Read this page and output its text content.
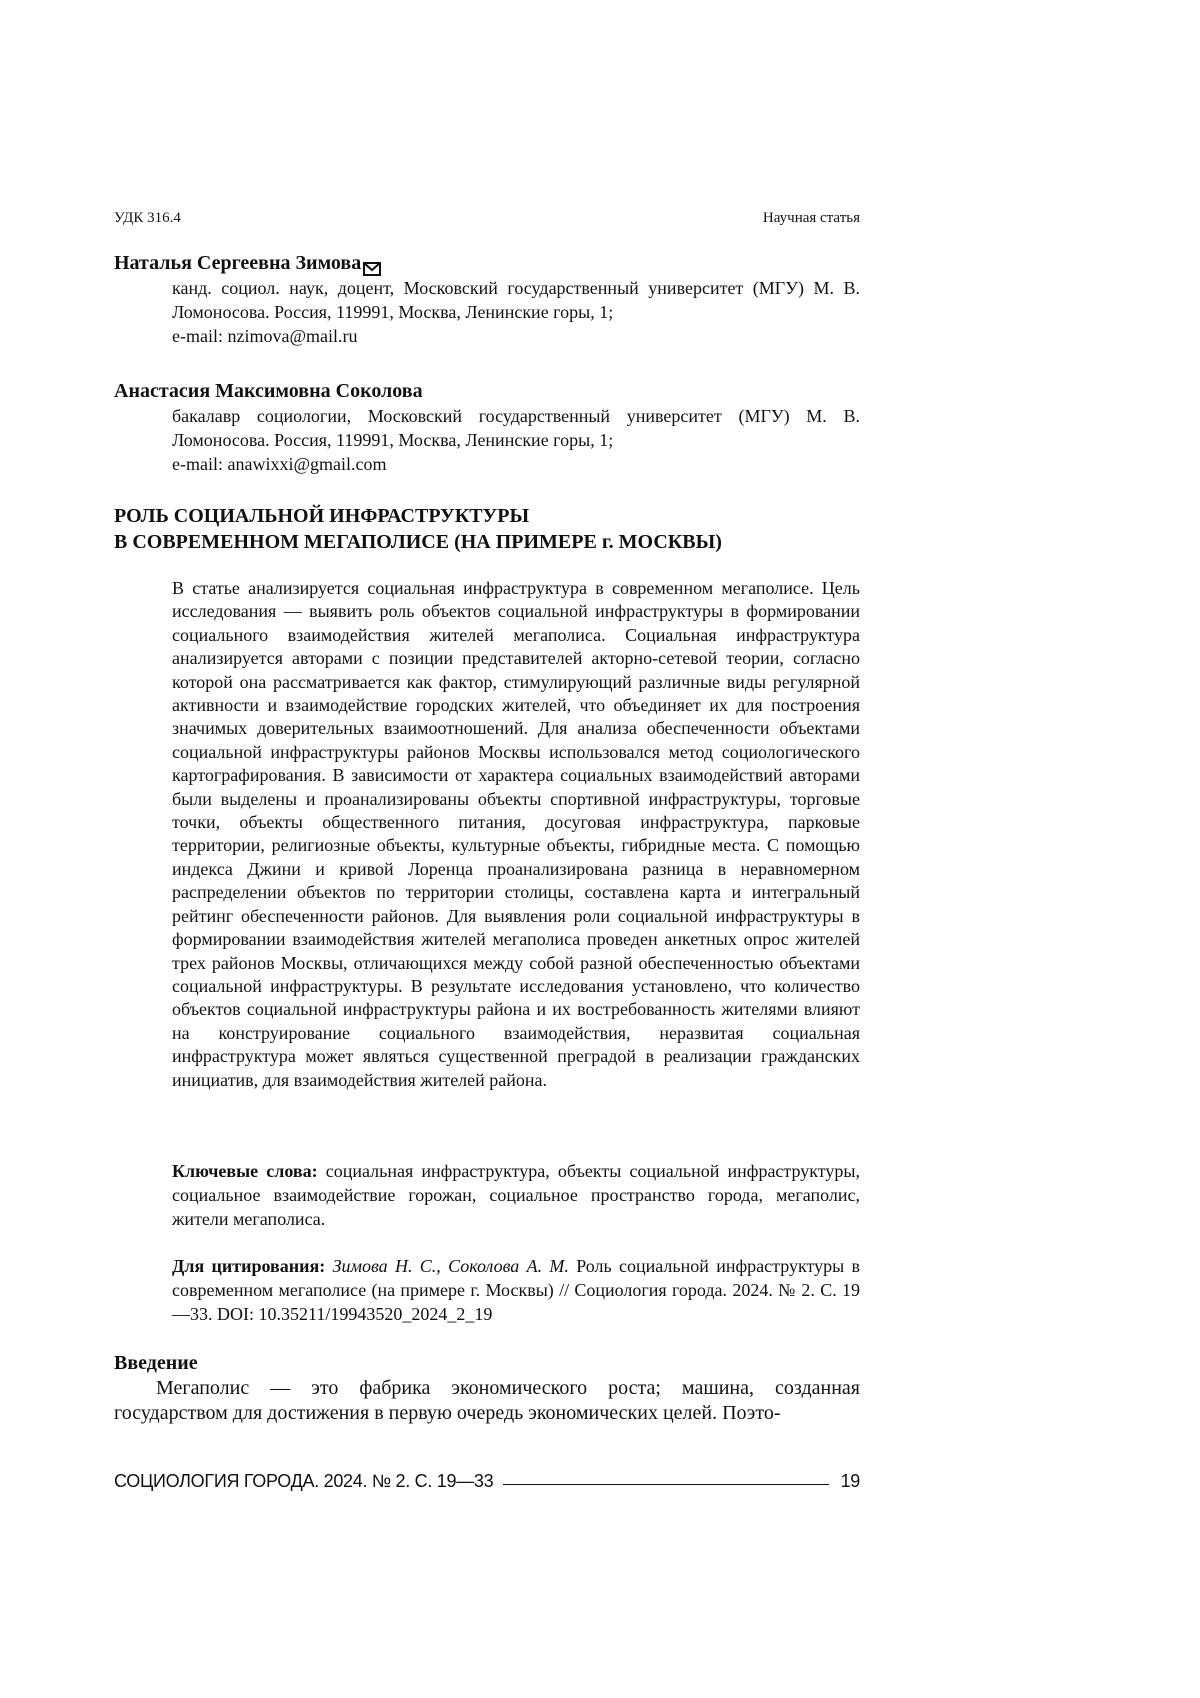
УДК 316.4	Научная статья
Наталья Сергеевна Зимова
канд. социол. наук, доцент, Московский государственный университет (МГУ) М. В. Ломоносова. Россия, 119991, Москва, Ленинские горы, 1;
e-mail: nzimova@mail.ru
Анастасия Максимовна Соколова
бакалавр социологии, Московский государственный университет (МГУ) М. В. Ломоносова. Россия, 119991, Москва, Ленинские горы, 1;
e-mail: anawixxi@gmail.com
РОЛЬ СОЦИАЛЬНОЙ ИНФРАСТРУКТУРЫ
В СОВРЕМЕННОМ МЕГАПОЛИСЕ (НА ПРИМЕРЕ г. МОСКВЫ)
В статье анализируется социальная инфраструктура в современном мегаполисе. Цель исследования — выявить роль объектов социальной инфраструктуры в формировании социального взаимодействия жителей мегаполиса. Социальная инфраструктура анализируется авторами с позиции представителей акторно-сетевой теории, согласно которой она рассматривается как фактор, стимулирующий различные виды регулярной активности и взаимодействие городских жителей, что объединяет их для построения значимых доверительных взаимоотношений. Для анализа обеспеченности объектами социальной инфраструктуры районов Москвы использовался метод социологического картографирования. В зависимости от характера социальных взаимодействий авторами были выделены и проанализированы объекты спортивной инфраструктуры, торговые точки, объекты общественного питания, досуговая инфраструктура, парковые территории, религиозные объекты, культурные объекты, гибридные места. С помощью индекса Джини и кривой Лоренца проанализирована разница в неравномерном распределении объектов по территории столицы, составлена карта и интегральный рейтинг обеспеченности районов. Для выявления роли социальной инфраструктуры в формировании взаимодействия жителей мегаполиса проведен анкетных опрос жителей трех районов Москвы, отличающихся между собой разной обеспеченностью объектами социальной инфраструктуры. В результате исследования установлено, что количество объектов социальной инфраструктуры района и их востребованность жителями влияют на конструирование социального взаимодействия, неразвитая социальная инфраструктура может являться существенной преградой в реализации гражданских инициатив, для взаимодействия жителей района.
Ключевые слова: социальная инфраструктура, объекты социальной инфраструктуры, социальное взаимодействие горожан, социальное пространство города, мегаполис, жители мегаполиса.
Для цитирования: Зимова Н. С., Соколова А. М. Роль социальной инфраструктуры в современном мегаполисе (на примере г. Москвы) // Социология города. 2024. № 2. С. 19—33. DOI: 10.35211/19943520_2024_2_19
Введение
Мегаполис — это фабрика экономического роста; машина, созданная государством для достижения в первую очередь экономических целей. Поэто-
СОЦИОЛОГИЯ ГОРОДА. 2024. № 2. С. 19—33	19
